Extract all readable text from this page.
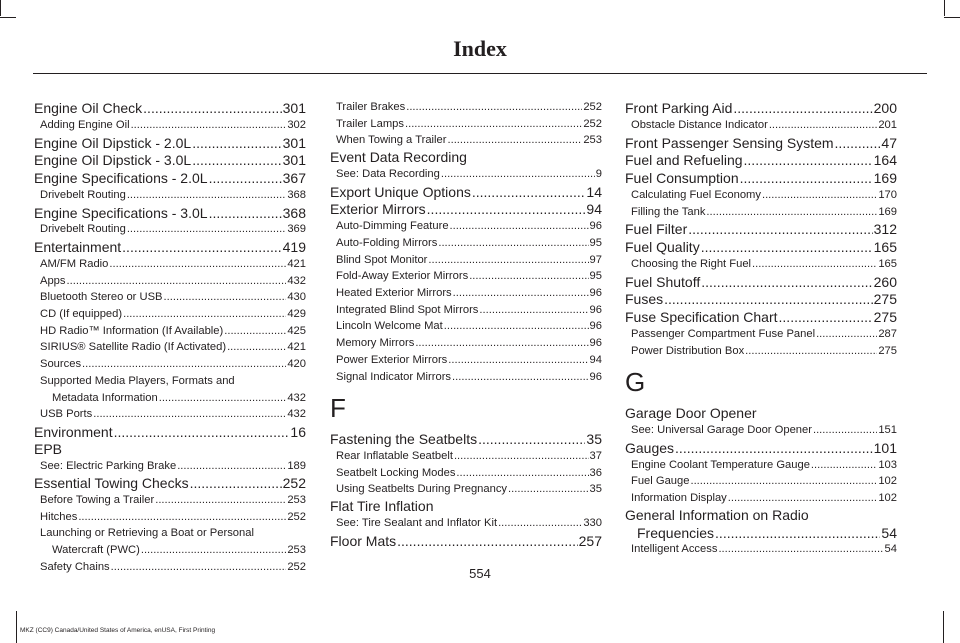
Index
Engine Oil Check .....	301
Adding Engine Oil .....	302
Engine Oil Dipstick - 2.0L .....	301
Engine Oil Dipstick - 3.0L .....	301
Engine Specifications - 2.0L .....	367
Drivebelt Routing .....	368
Engine Specifications - 3.0L .....	368
Drivebelt Routing .....	369
Entertainment .....	419
AM/FM Radio .....	421
Apps .....	432
Bluetooth Stereo or USB .....	430
CD (If equipped) .....	429
HD Radio™ Information (If Available) .....	425
SIRIUS® Satellite Radio (If Activated) .....	421
Sources .....	420
Supported Media Players, Formats and
Metadata Information .....	432
USB Ports .....	432
Environment .....	16
EPB
See: Electric Parking Brake .....	189
Essential Towing Checks .....	252
Before Towing a Trailer .....	253
Hitches .....	252
Launching or Retrieving a Boat or Personal
Watercraft (PWC) .....	253
Safety Chains .....	252
Trailer Brakes .....	252
Trailer Lamps .....	252
When Towing a Trailer .....	253
Event Data Recording
See: Data Recording .....	9
Export Unique Options .....	14
Exterior Mirrors .....	94
Auto-Dimming Feature .....	96
Auto-Folding Mirrors .....	95
Blind Spot Monitor .....	97
Fold-Away Exterior Mirrors .....	95
Heated Exterior Mirrors .....	96
Integrated Blind Spot Mirrors .....	96
Lincoln Welcome Mat .....	96
Memory Mirrors .....	96
Power Exterior Mirrors .....	94
Signal Indicator Mirrors .....	96
F
Fastening the Seatbelts .....	35
Rear Inflatable Seatbelt .....	37
Seatbelt Locking Modes .....	36
Using Seatbelts During Pregnancy .....	35
Flat Tire Inflation
See: Tire Sealant and Inflator Kit .....	330
Floor Mats .....	257
Front Parking Aid .....	200
Obstacle Distance Indicator .....	201
Front Passenger Sensing System .....	47
Fuel and Refueling .....	164
Fuel Consumption .....	169
Calculating Fuel Economy .....	170
Filling the Tank .....	169
Fuel Filter .....	312
Fuel Quality .....	165
Choosing the Right Fuel .....	165
Fuel Shutoff .....	260
Fuses .....	275
Fuse Specification Chart .....	275
Passenger Compartment Fuse Panel .....	287
Power Distribution Box .....	275
G
Garage Door Opener
See: Universal Garage Door Opener .....	151
Gauges .....	101
Engine Coolant Temperature Gauge .....	103
Fuel Gauge .....	102
Information Display .....	102
General Information on Radio
Frequencies .....	54
Intelligent Access .....	54
554
MKZ (CC9) Canada/United States of America, enUSA, First Printing
